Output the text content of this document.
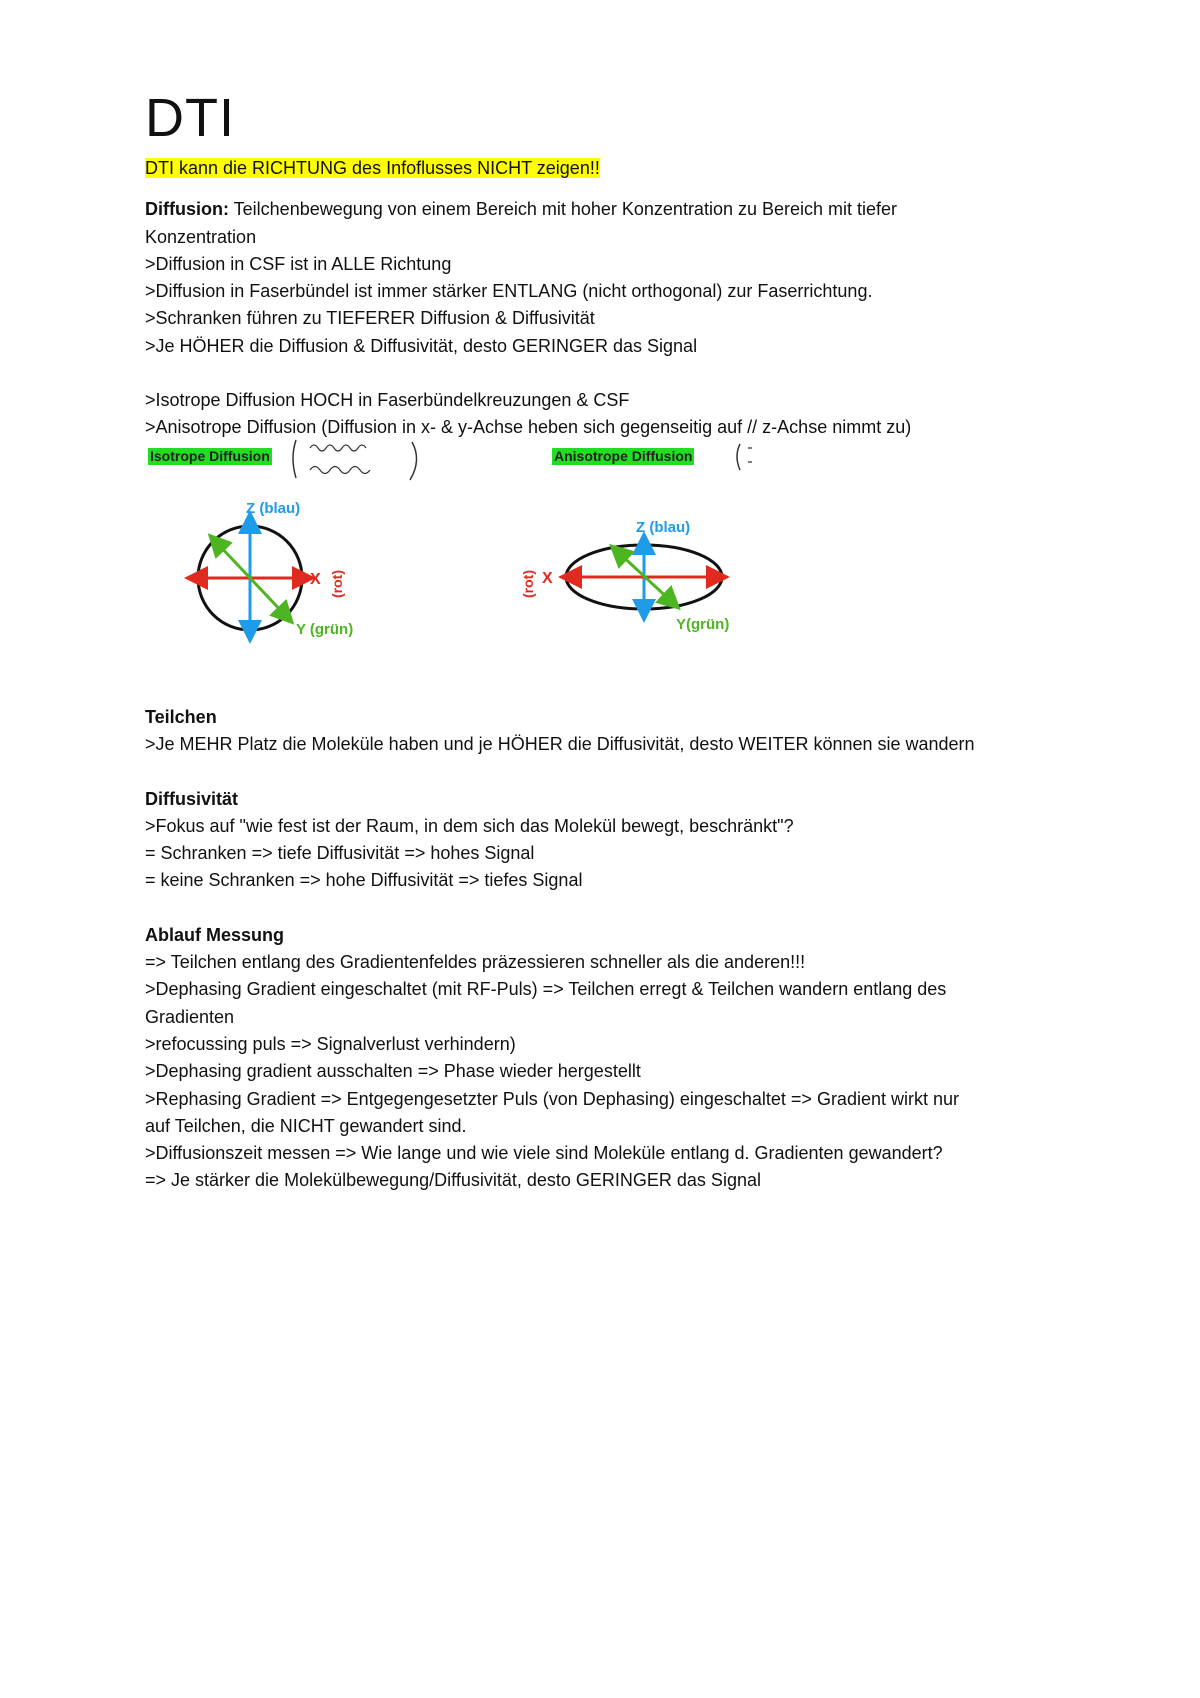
DTI
DTI kann die RICHTUNG des Infoflusses NICHT zeigen!!
Diffusion: Teilchenbewegung von einem Bereich mit hoher Konzentration zu Bereich mit tiefer
Konzentration
>Diffusion in CSF ist in ALLE Richtung
>Diffusion in Faserbündel ist immer stärker ENTLANG (nicht orthogonal) zur Faserrichtung.
>Schranken führen zu TIEFERER Diffusion & Diffusivität
>Je HÖHER die Diffusion & Diffusivität, desto GERINGER das Signal
>Isotrope Diffusion HOCH in Faserbündelkreuzungen & CSF
>Anisotrope Diffusion (Diffusion in x- & y-Achse heben sich gegenseitig auf // z-Achse nimmt zu)
Isotrope Diffusion	Anisotrope Diffusion
Z (blau)
X (rot)
Y (grün)
Z (blau)
X
(rot)
Y(grün)
Teilchen
>Je MEHR Platz die Moleküle haben und je HÖHER die Diffusivität, desto WEITER können sie wandern
Diffusivität
>Fokus auf "wie fest ist der Raum, in dem sich das Molekül bewegt, beschränkt"?
= Schranken => tiefe Diffusivität => hohes Signal
= keine Schranken => hohe Diffusivität => tiefes Signal
Ablauf Messung
=> Teilchen entlang des Gradientenfeldes präzessieren schneller als die anderen!!!
>Dephasing Gradient eingeschaltet (mit RF-Puls) => Teilchen erregt & Teilchen wandern entlang des
Gradienten
>refocussing puls => Signalverlust verhindern)
>Dephasing gradient ausschalten => Phase wieder hergestellt
>Rephasing Gradient => Entgegengesetzter Puls (von Dephasing) eingeschaltet => Gradient wirkt nur
auf Teilchen, die NICHT gewandert sind.
>Diffusionszeit messen => Wie lange und wie viele sind Moleküle entlang d. Gradienten gewandert?
=> Je stärker die Molekülbewegung/Diffusivität, desto GERINGER das Signal
